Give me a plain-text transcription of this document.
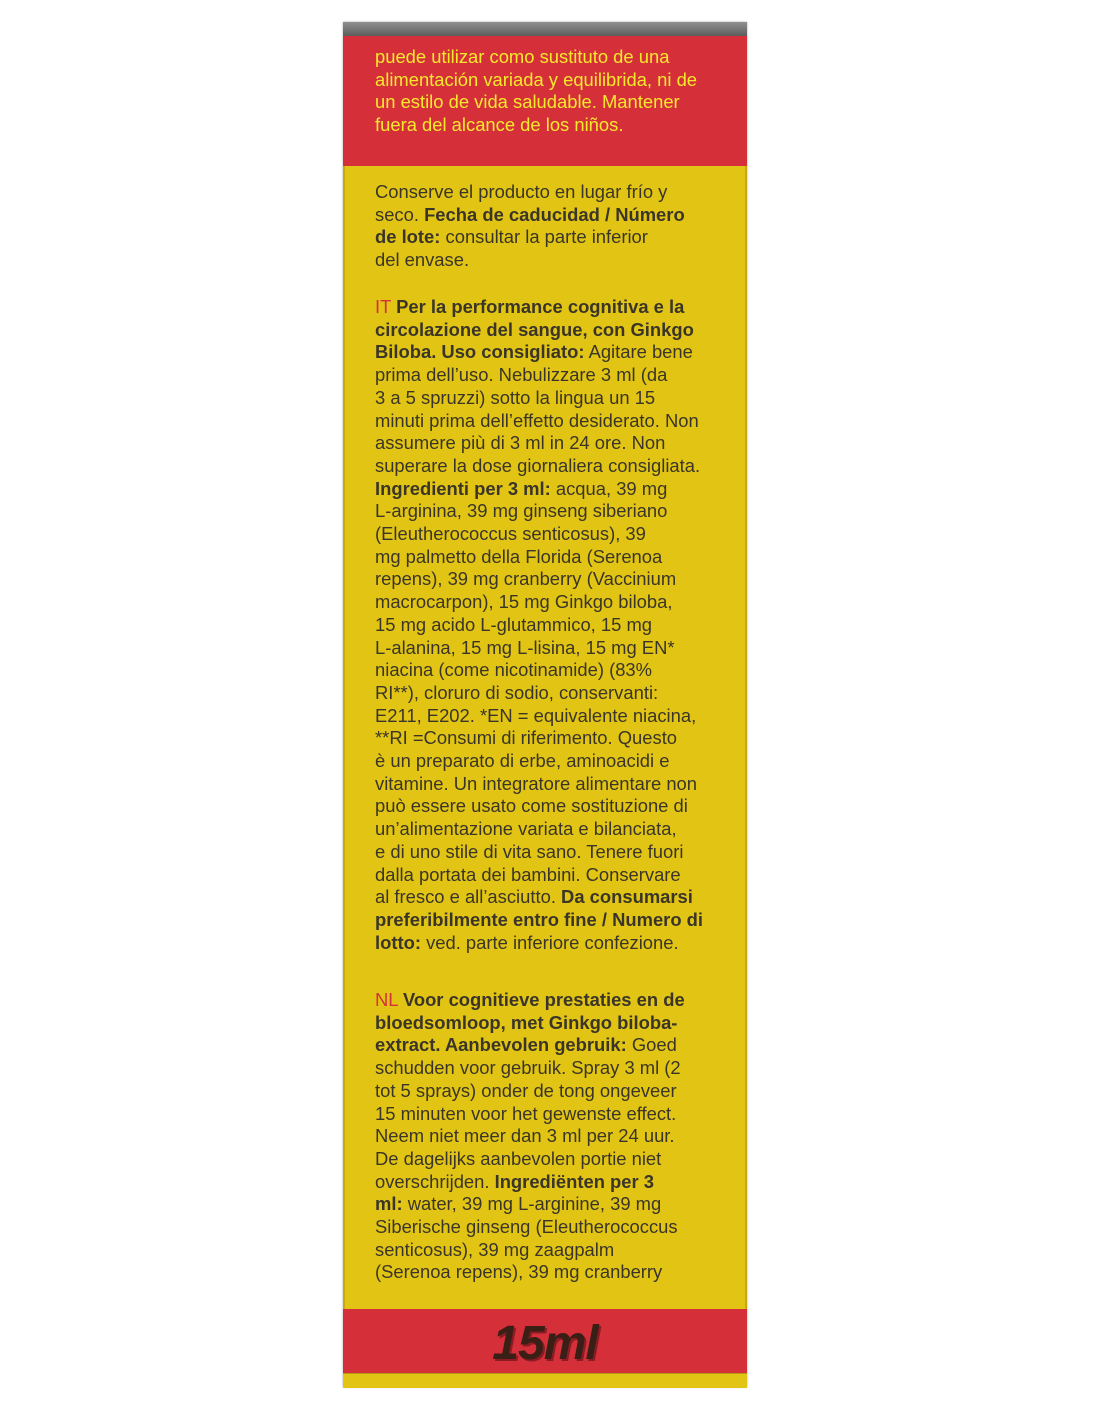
puede utilizar como sustituto de una
alimentación variada y equilibrida, ni de
un estilo de vida saludable. Mantener
fuera del alcance de los niños.
Conserve el producto en lugar frío y
seco. Fecha de caducidad / Número
de lote: consultar la parte inferior
del envase.
IT Per la performance cognitiva e la
circolazione del sangue, con Ginkgo
Biloba. Uso consigliato: Agitare bene
prima dell’uso. Nebulizzare 3 ml (da
3 a 5 spruzzi) sotto la lingua un 15
minuti prima dell’effetto desiderato. Non
assumere più di 3 ml in 24 ore. Non
superare la dose giornaliera consigliata.
Ingredienti per 3 ml: acqua, 39 mg
L-arginina, 39 mg ginseng siberiano
(Eleutherococcus senticosus), 39
mg palmetto della Florida (Serenoa
repens), 39 mg cranberry (Vaccinium
macrocarpon), 15 mg Ginkgo biloba,
15 mg acido L-glutammico, 15 mg
L-alanina, 15 mg L-lisina, 15 mg EN*
niacina (come nicotinamide) (83%
RI**), cloruro di sodio, conservanti:
E211, E202. *EN = equivalente niacina,
**RI =Consumi di riferimento. Questo
è un preparato di erbe, aminoacidi e
vitamine. Un integratore alimentare non
può essere usato come sostituzione di
un’alimentazione variata e bilanciata,
e di uno stile di vita sano. Tenere fuori
dalla portata dei bambini. Conservare
al fresco e all’asciutto. Da consumarsi
preferibilmente entro fine / Numero di
lotto: ved. parte inferiore confezione.
NL Voor cognitieve prestaties en de
bloedsomloop, met Ginkgo biloba-
extract. Aanbevolen gebruik: Goed
schudden voor gebruik. Spray 3 ml (2
tot 5 sprays) onder de tong ongeveer
15 minuten voor het gewenste effect.
Neem niet meer dan 3 ml per 24 uur.
De dagelijks aanbevolen portie niet
overschrijden. Ingrediënten per 3
ml: water, 39 mg L-arginine, 39 mg
Siberische ginseng (Eleutherococcus
senticosus), 39 mg zaagpalm
(Serenoa repens), 39 mg cranberry
15ml
